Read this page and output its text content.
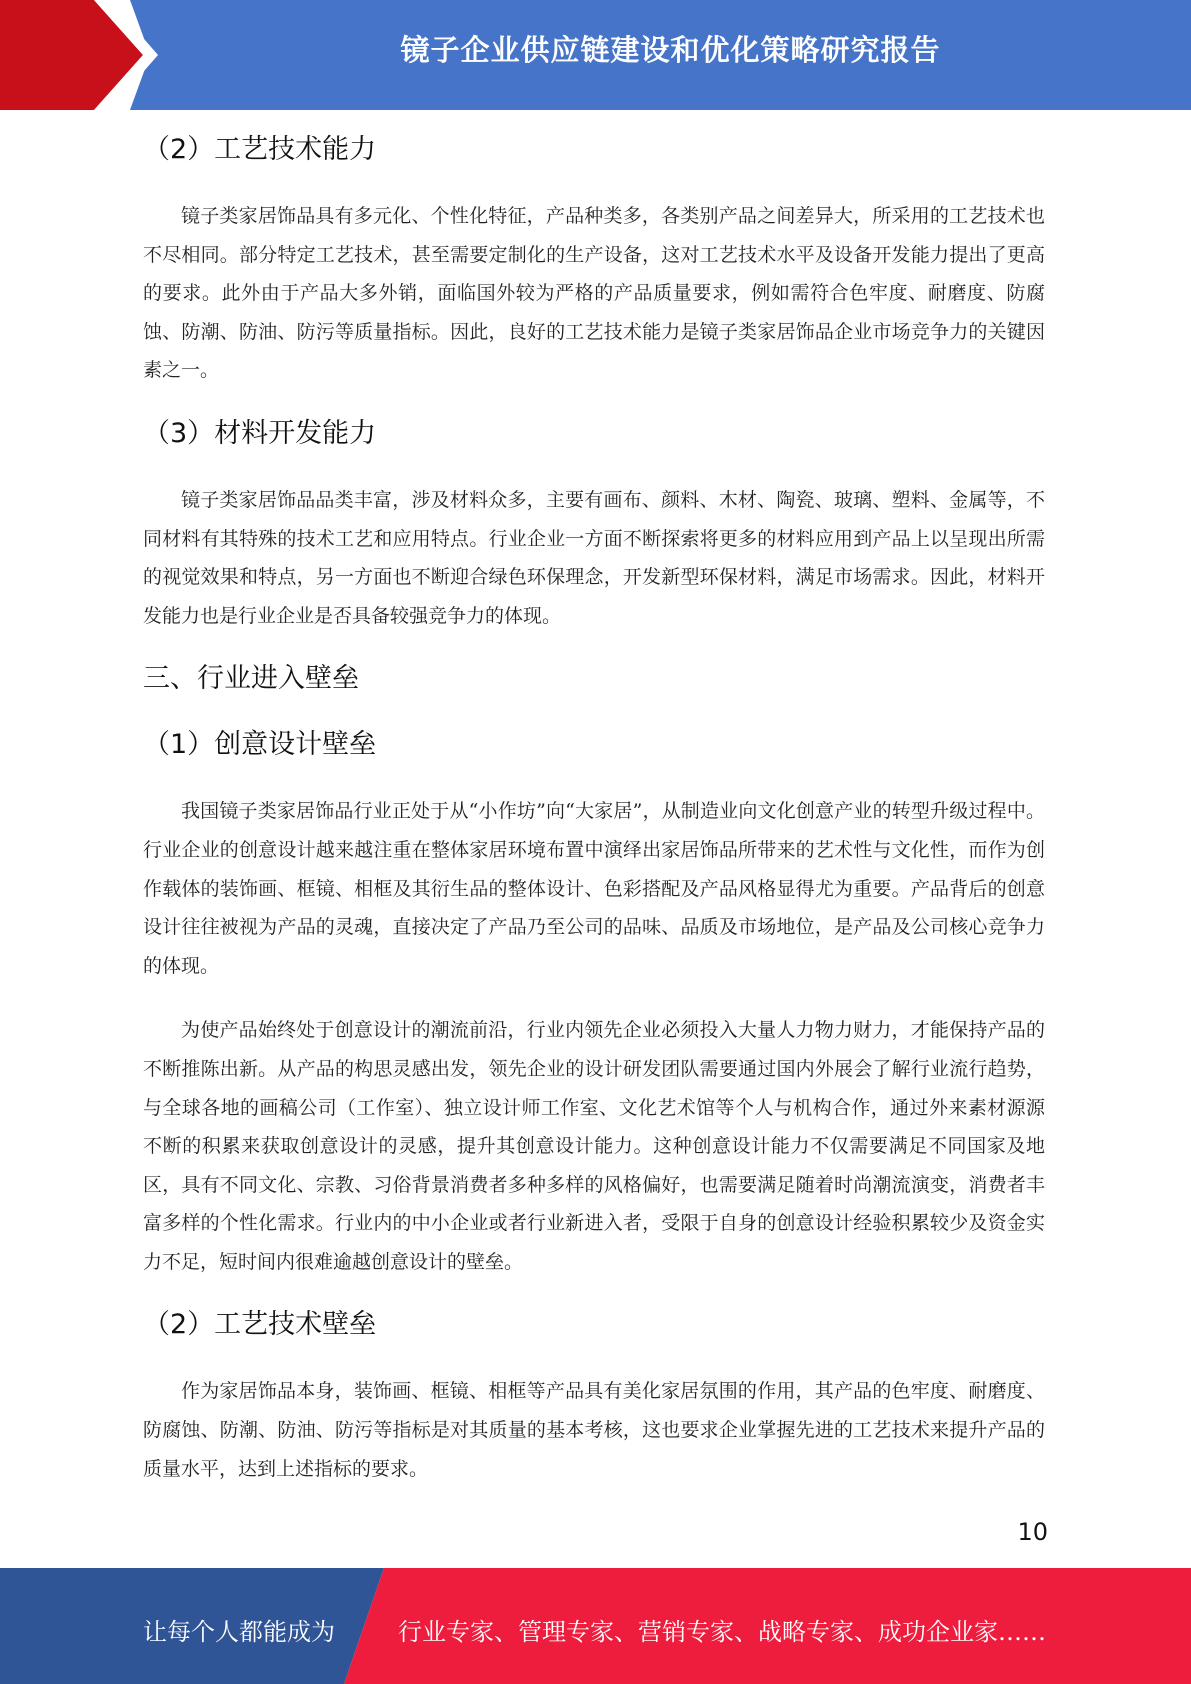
镜子企业供应链建设和优化策略研究报告
（2）工艺技术能力

镜子类家居饰品具有多元化、个性化特征，产品种类多，各类别产品之间差异大，所采用的工艺技术也不尽相同。部分特定工艺技术，甚至需要定制化的生产设备，这对工艺技术水平及设备开发能力提出了更高的要求。此外由于产品大多外销，面临国外较为严格的产品质量要求，例如需符合色牢度、耐磨度、防腐蚀、防潮、防油、防污等质量指标。因此，良好的工艺技术能力是镜子类家居饰品企业市场竞争力的关键因素之一。

（3）材料开发能力

镜子类家居饰品品类丰富，涉及材料众多，主要有画布、颜料、木材、陶瓷、玻璃、塑料、金属等，不同材料有其特殊的技术工艺和应用特点。行业企业一方面不断探索将更多的材料应用到产品上以呈现出所需的视觉效果和特点，另一方面也不断迎合绿色环保理念，开发新型环保材料，满足市场需求。因此，材料开发能力也是行业企业是否具备较强竞争力的体现。

三、行业进入壁垒
（1）创意设计壁垒

我国镜子类家居饰品行业正处于从“小作坊”向“大家居”，从制造业向文化创意产业的转型升级过程中。行业企业的创意设计越来越注重在整体家居环境布置中演绎出家居饰品所带来的艺术性与文化性，而作为创作载体的装饰画、框镜、相框及其衍生品的整体设计、色彩搭配及产品风格显得尤为重要。产品背后的创意设计往往被视为产品的灵魂，直接决定了产品乃至公司的品味、品质及市场地位，是产品及公司核心竞争力的体现。

为使产品始终处于创意设计的潮流前沿，行业内领先企业必须投入大量人力物力财力，才能保持产品的不断推陈出新。从产品的构思灵感出发，领先企业的设计研发团队需要通过国内外展会了解行业流行趋势，与全球各地的画稿公司（工作室）、独立设计师工作室、文化艺术馆等个人与机构合作，通过外来素材源源不断的积累来获取创意设计的灵感，提升其创意设计能力。这种创意设计能力不仅需要满足不同国家及地区，具有不同文化、宗教、习俗背景消费者多种多样的风格偏好，也需要满足随着时尚潮流演变，消费者丰富多样的个性化需求。行业内的中小企业或者行业新进入者，受限于自身的创意设计经验积累较少及资金实力不足，短时间内很难逾越创意设计的壁垒。

（2）工艺技术壁垒

作为家居饰品本身，装饰画、框镜、相框等产品具有美化家居氛围的作用，其产品的色牢度、耐磨度、防腐蚀、防潮、防油、防污等指标是对其质量的基本考核，这也要求企业掌握先进的工艺技术来提升产品的质量水平，达到上述指标的要求。

10
让每个人都能成为	行业专家、管理专家、营销专家、战略专家、成功企业家……
